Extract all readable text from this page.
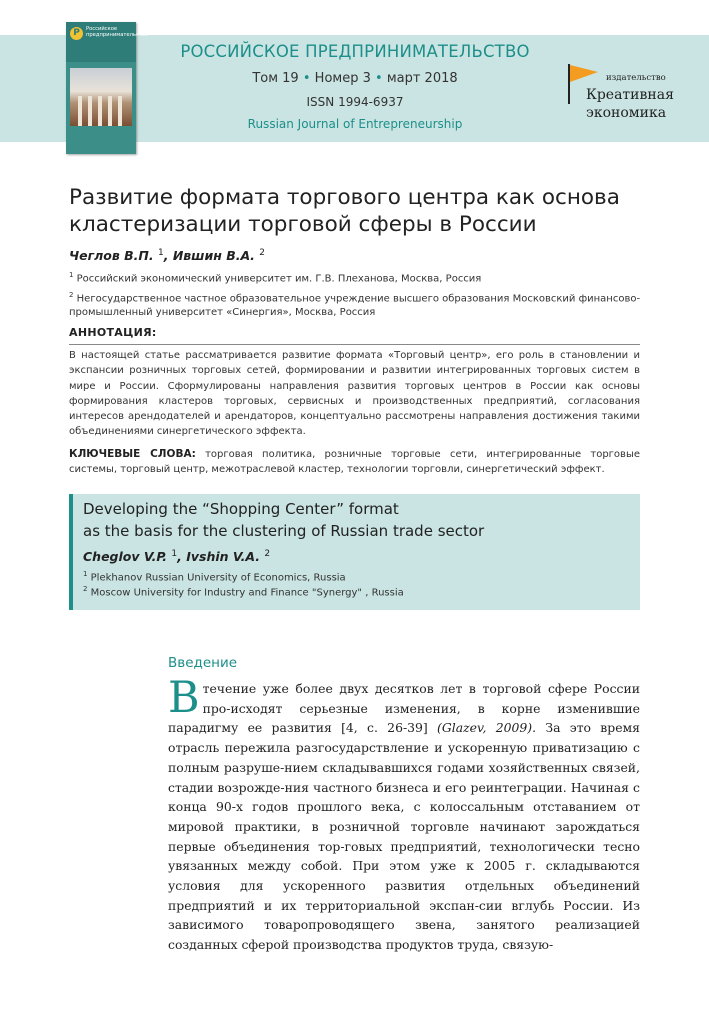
P	Российское предпринимательство
РОССИЙСКОЕ ПРЕДПРИНИМАТЕЛЬСТВО
Том 19 • Номер 3 • март 2018
ISSN 1994-6937
Russian Journal of Entrepreneurship
издательство
Креативная
экономика
Развитие формата торгового центра как основа кластеризации торговой сферы в России
Чеглов В.П. $^1$, Ившин В.А. $^2$
$^1$ Российский экономический университет им. Г.В. Плеханова, Москва, Россия
$^2$ Негосударственное частное образовательное учреждение высшего образования Московский финансово-промышленный университет «Синергия», Москва, Россия
АННОТАЦИЯ:
В настоящей статье рассматривается развитие формата «Торговый центр», его роль в становлении и экспансии розничных торговых сетей, формировании и развитии интегрированных торговых систем в мире и России. Сформулированы направления развития торговых центров в России как основы формирования кластеров торговых, сервисных и производственных предприятий, согласования интересов арендодателей и арендаторов, концептуально рассмотрены направления достижения такими объединениями синергетического эффекта.
КЛЮЧЕВЫЕ СЛОВА: торговая политика, розничные торговые сети, интегрированные торговые системы, торговый центр, межотраслевой кластер, технологии торговли, синергетический эффект.
Developing the “Shopping Center” format
as the basis for the clustering of Russian trade sector
Cheglov V.P. $^1$, Ivshin V.A. $^2$
$^1$ Plekhanov Russian University of Economics, Russia
$^2$ Moscow University for Industry and Finance "Synergy" , Russia
Введение
Втечение уже более двух десятков лет в торговой сфере России про-исходят серьезные изменения, в корне изменившие парадигму ее развития [4, с. 26-39] (Glazev, 2009). За это время отрасль пережила разгосударствление и ускоренную приватизацию с полным разруше-нием складывавшихся годами хозяйственных связей, стадии возрожде-ния частного бизнеса и его реинтеграции. Начиная с конца 90-х годов прошлого века, с колоссальным отставанием от мировой практики, в розничной торговле начинают зарождаться первые объединения тор-говых предприятий, технологически тесно увязанных между собой. При этом уже к 2005 г. складываются условия для ускоренного развития отдельных объединений предприятий и их территориальной экспан-сии вглубь России. Из зависимого товаропроводящего звена, занятого реализацией созданных сферой производства продуктов труда, связую-
